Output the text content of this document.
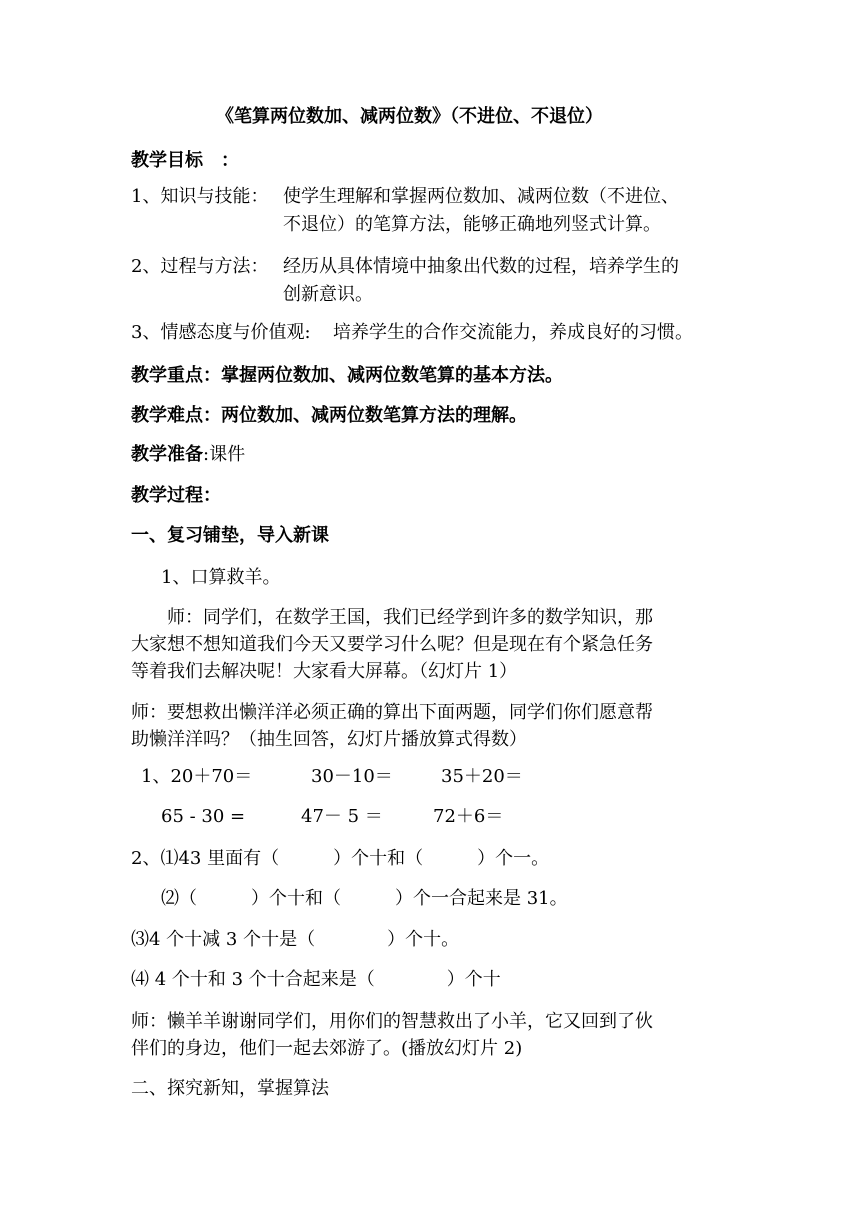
《笔算两位数加、减两位数》（不进位、不退位）
教学目标　：
1、知识与技能： 使学生理解和掌握两位数加、减两位数（不进位、
不退位）的笔算方法，能够正确地列竖式计算。
2、过程与方法： 经历从具体情境中抽象出代数的过程，培养学生的
创新意识。
3、情感态度与价值观: 培养学生的合作交流能力，养成良好的习惯。
教学重点：掌握两位数加、减两位数笔算的基本方法。
教学难点：两位数加、减两位数笔算方法的理解。
教学准备:课件
教学过程：
一、复习铺垫，导入新课
1、口算救羊。
　　师：同学们，在数学王国，我们已经学到许多的数学知识，那
大家想不想知道我们今天又要学习什么呢？但是现在有个紧急任务
等着我们去解决呢！大家看大屏幕。（幻灯片 1）
师：要想救出懒洋洋必须正确的算出下面两题，同学们你们愿意帮
助懒洋洋吗？（抽生回答，幻灯片播放算式得数）
1、20＋70＝	30－10＝	35＋20＝
65 - 30 =	47－ 5 ＝	72＋6＝
2、⑴43 里面有（　　　）个十和（　　　）个一。
⑵（　　　）个十和（　　　）个一合起来是 31。
⑶4 个十减 3 个十是（　　　　）个十。
⑷ 4 个十和 3 个十合起来是（　　　　）个十
师：懒羊羊谢谢同学们，用你们的智慧救出了小羊，它又回到了伙
伴们的身边，他们一起去郊游了。(播放幻灯片 2)
二、探究新知，掌握算法
